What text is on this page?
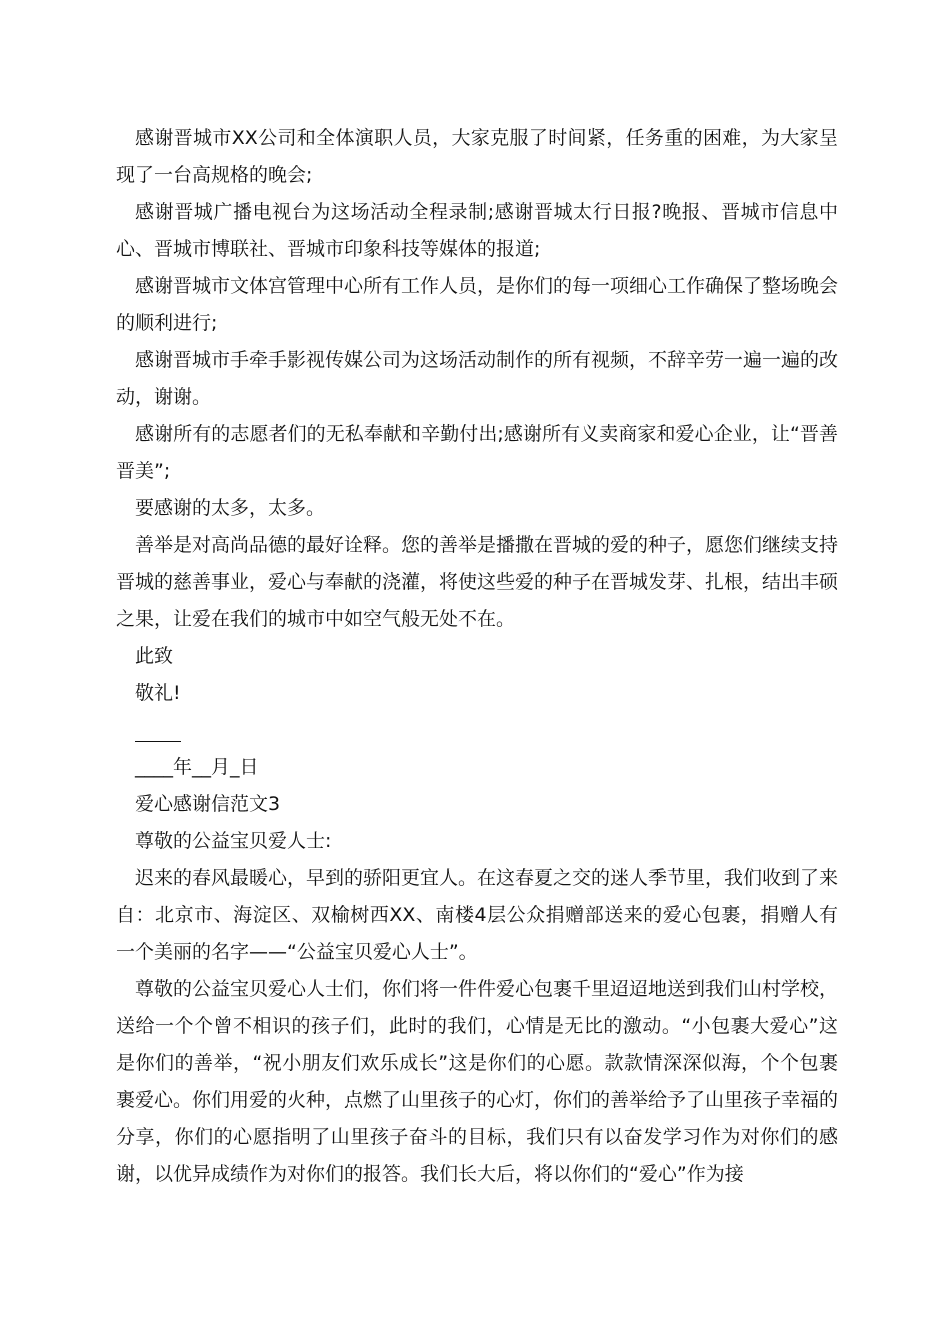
感谢晋城市XX公司和全体演职人员，大家克服了时间紧，任务重的困难，为大家呈现了一台高规格的晚会;

感谢晋城广播电视台为这场活动全程录制;感谢晋城太行日报?晚报、晋城市信息中心、晋城市博联社、晋城市印象科技等媒体的报道;

感谢晋城市文体宫管理中心所有工作人员，是你们的每一项细心工作确保了整场晚会的顺利进行;

感谢晋城市手牵手影视传媒公司为这场活动制作的所有视频，不辞辛劳一遍一遍的改动，谢谢。

感谢所有的志愿者们的无私奉献和辛勤付出;感谢所有义卖商家和爱心企业，让“晋善晋美”;

要感谢的太多，太多。

善举是对高尚品德的最好诠释。您的善举是播撒在晋城的爱的种子，愿您们继续支持晋城的慈善事业，爱心与奉献的浇灌，将使这些爱的种子在晋城发芽、扎根，结出丰硕之果，让爱在我们的城市中如空气般无处不在。

此致

敬礼!

____年__月_日

爱心感谢信范文3

尊敬的公益宝贝爱人士:

迟来的春风最暖心，早到的骄阳更宜人。在这春夏之交的迷人季节里，我们收到了来自：北京市、海淀区、双榆树西XX、南楼4层公众捐赠部送来的爱心包裹，捐赠人有一个美丽的名字——“公益宝贝爱心人士”。

尊敬的公益宝贝爱心人士们，你们将一件件爱心包裹千里迢迢地送到我们山村学校，送给一个个曾不相识的孩子们，此时的我们，心情是无比的激动。“小包裹大爱心”这是你们的善举，“祝小朋友们欢乐成长”这是你们的心愿。款款情深深似海，个个包裹裹爱心。你们用爱的火种，点燃了山里孩子的心灯，你们的善举给予了山里孩子幸福的分享，你们的心愿指明了山里孩子奋斗的目标，我们只有以奋发学习作为对你们的感谢，以优异成绩作为对你们的报答。我们长大后，将以你们的“爱心”作为接
